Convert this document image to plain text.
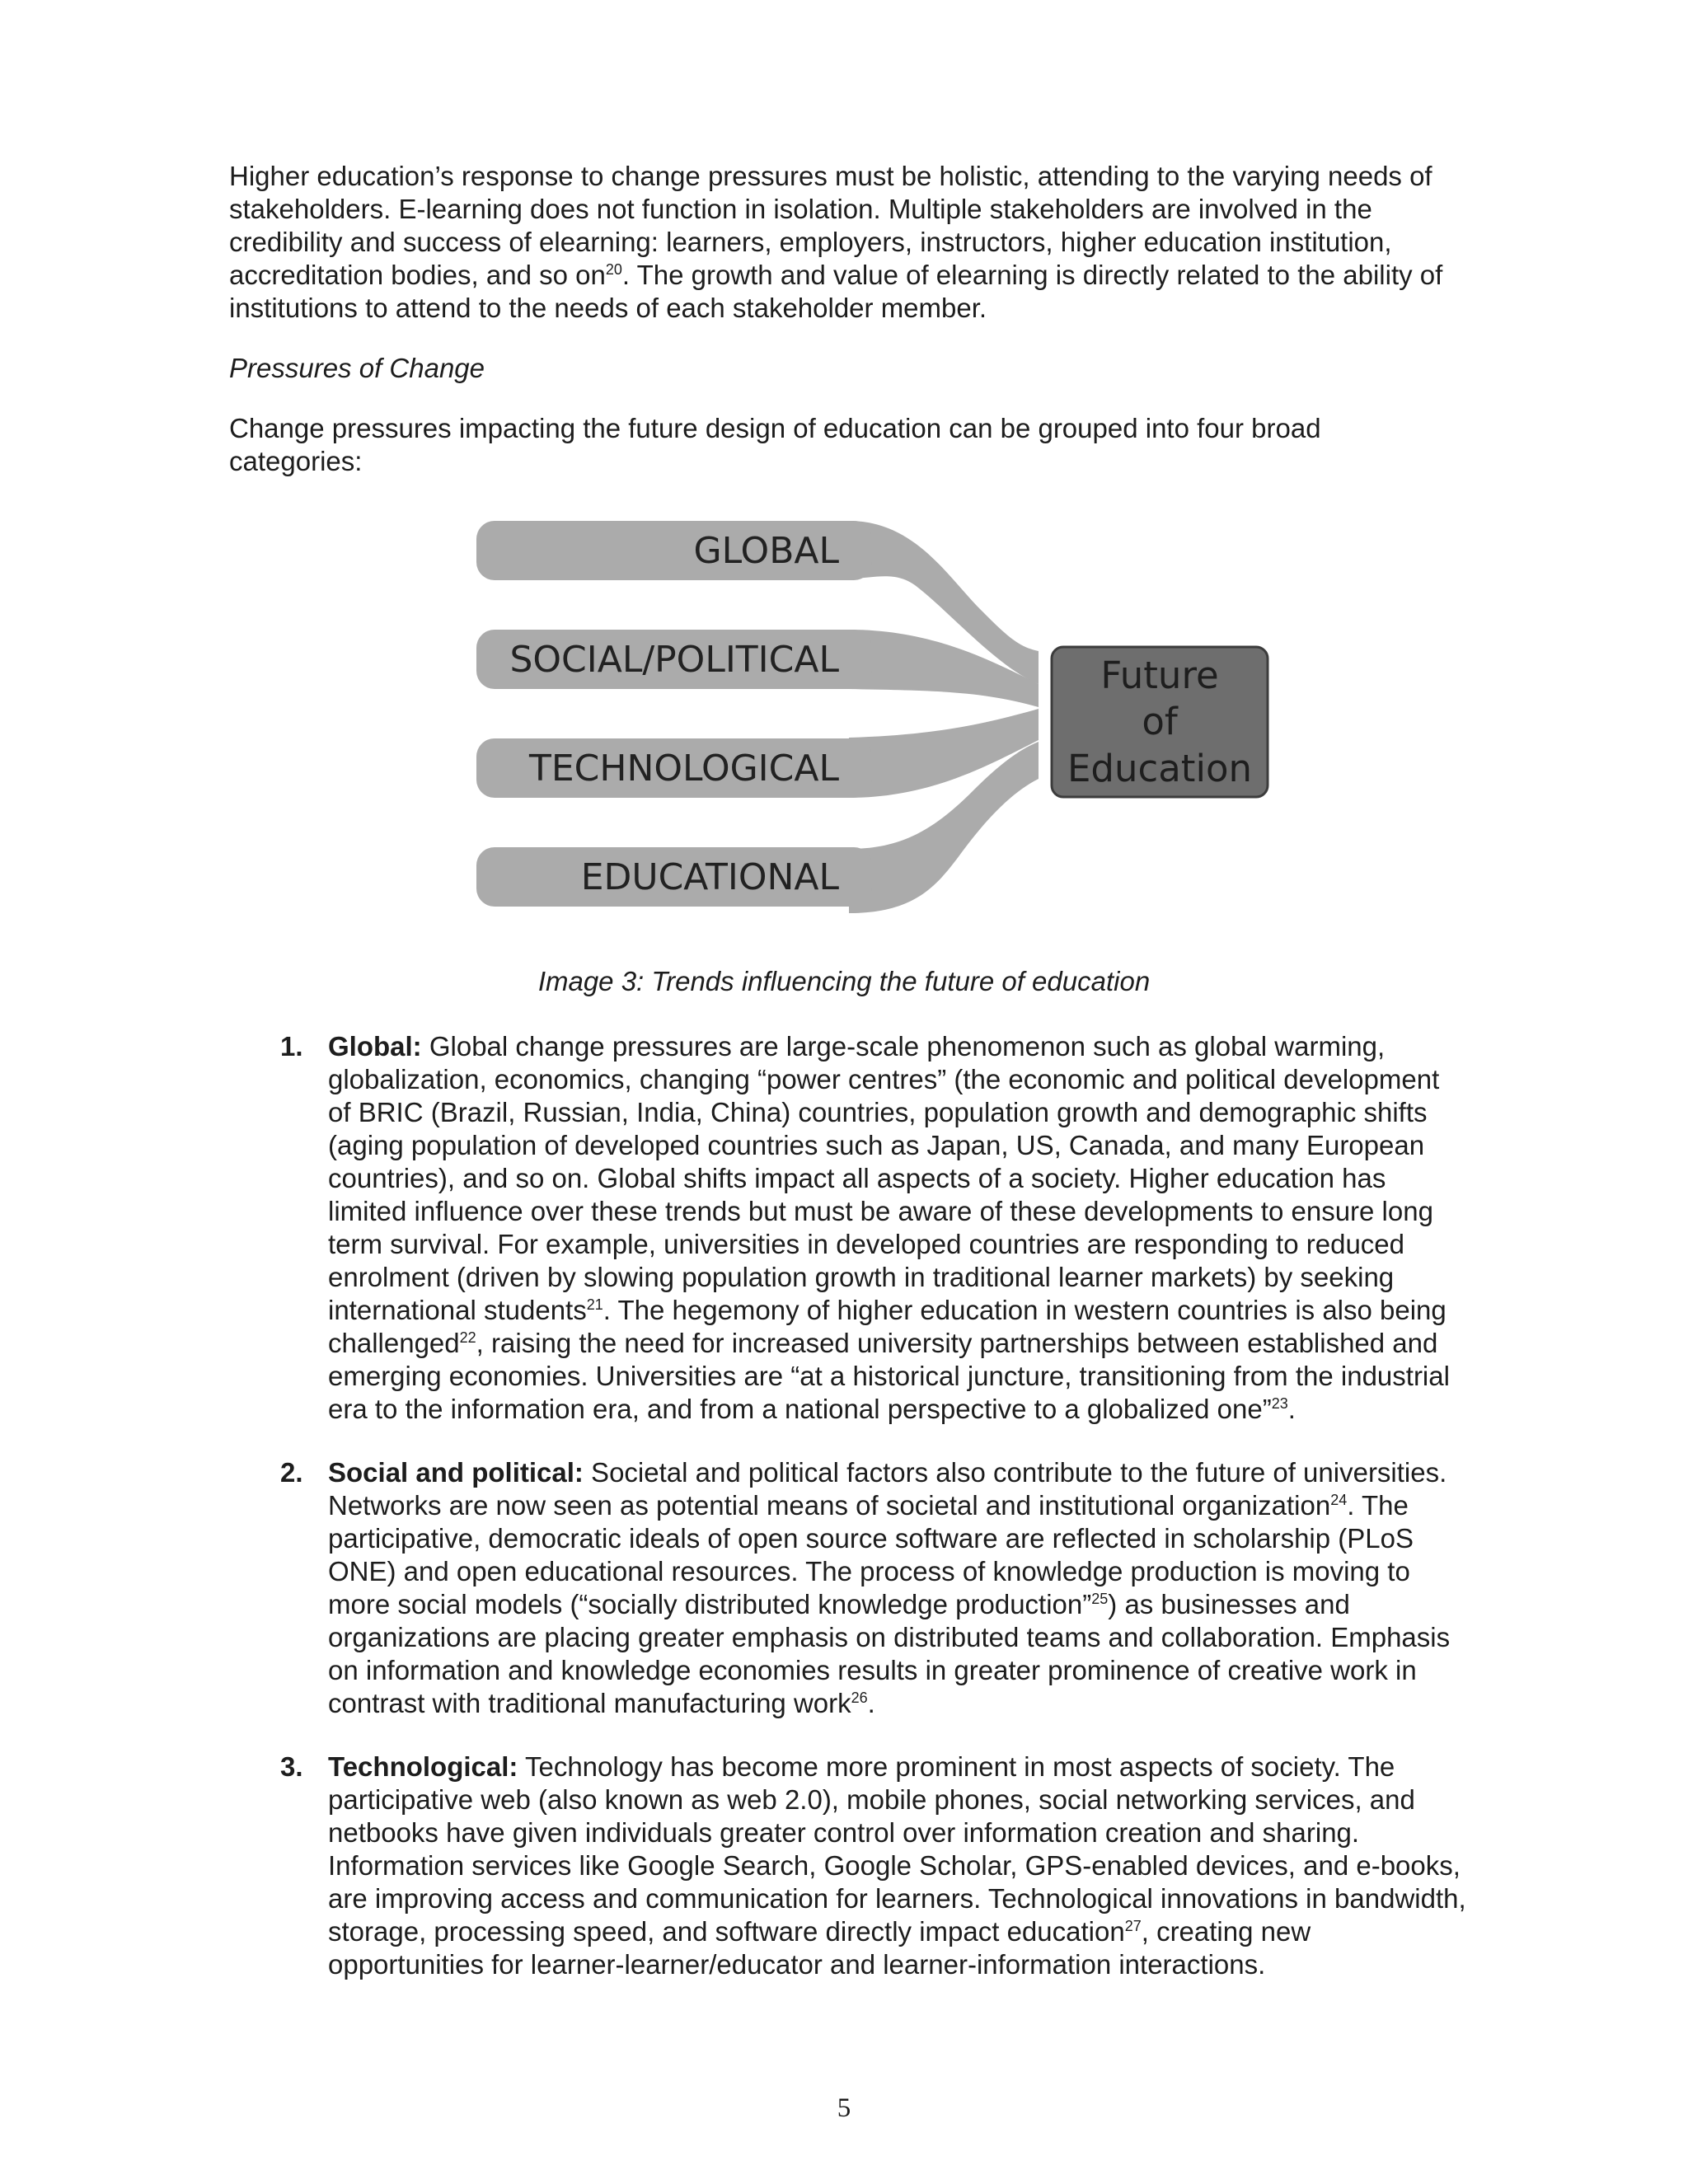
Higher education’s response to change pressures must be holistic, attending to the varying needs of stakeholders. E-learning does not function in isolation. Multiple stakeholders are involved in the credibility and success of elearning: learners, employers, instructors, higher education institution, accreditation bodies, and so $on^{20}$. The growth and value of elearning is directly related to the ability of institutions to attend to the needs of each stakeholder member.

Pressures of Change
Change pressures impacting the future design of education can be grouped into four broad categories:
GLOBAL
SOCIAL/POLITICAL
TECHNOLOGICAL
EDUCATIONAL
Future
of
Education
Image 3: Trends influencing the future of education
1. Global: Global change pressures are large-scale phenomenon such as global warming, globalization, economics, changing “power centres” (the economic and political development of BRIC (Brazil, Russian, India, China) countries, population growth and demographic shifts (aging population of developed countries such as Japan, US, Canada, and many European countries), and so on. Global shifts impact all aspects of a society. Higher education has limited influence over these trends but must be aware of these developments to ensure long term survival. For example, universities in developed countries are responding to reduced enrolment (driven by slowing population growth in traditional learner markets) by seeking international students$^{21}$. The hegemony of higher education in western countries is also being challenged$^{22}$, raising the need for increased university partnerships between established and emerging economies. Universities are “at a historical juncture, transitioning from the industrial era to the information era, and from a national perspective to a globalized one”$^{23}$.
2. Social and political: Societal and political factors also contribute to the future of universities. Networks are now seen as potential means of societal and institutional organization$^{24}$. The participative, democratic ideals of open source software are reflected in scholarship (PLoS ONE) and open educational resources. The process of knowledge production is moving to more social models (“socially distributed knowledge production”$^{25}$) as businesses and organizations are placing greater emphasis on distributed teams and collaboration. Emphasis on information and knowledge economies results in greater prominence of creative work in contrast with traditional manufacturing work$^{26}$.
3. Technological: Technology has become more prominent in most aspects of society. The participative web (also known as web 2.0), mobile phones, social networking services, and netbooks have given individuals greater control over information creation and sharing. Information services like Google Search, Google Scholar, GPS-enabled devices, and e-books, are improving access and communication for learners. Technological innovations in bandwidth, storage, processing speed, and software directly impact education$^{27}$, creating new opportunities for learner-learner/educator and learner-information interactions.
5
